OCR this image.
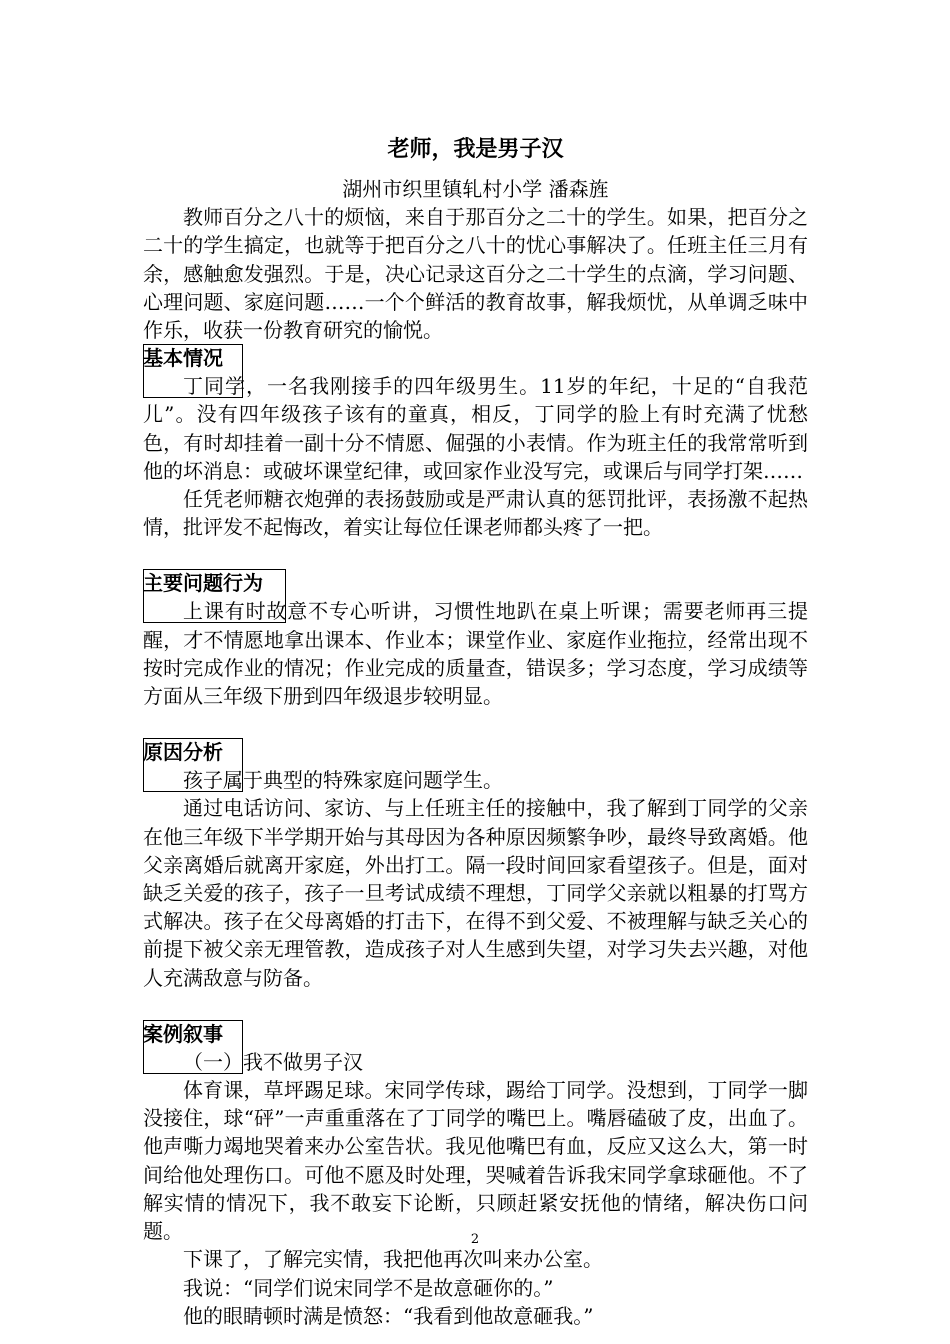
老师，我是男子汉
湖州市织里镇轧村小学 潘森旌

教师百分之八十的烦恼，来自于那百分之二十的学生。如果，把百分之二十的学生搞定，也就等于把百分之八十的忧心事解决了。任班主任三月有余，感触愈发强烈。于是，决心记录这百分之二十学生的点滴，学习问题、心理问题、家庭问题……一个个鲜活的教育故事，解我烦忧，从单调乏味中作乐，收获一份教育研究的愉悦。

基本情况

丁同学，一名我刚接手的四年级男生。11岁的年纪，十足的“自我范儿”。没有四年级孩子该有的童真，相反，丁同学的脸上有时充满了忧愁色，有时却挂着一副十分不情愿、倔强的小表情。作为班主任的我常常听到他的坏消息：或破坏课堂纪律，或回家作业没写完，或课后与同学打架……

任凭老师糖衣炮弹的表扬鼓励或是严肃认真的惩罚批评，表扬激不起热情，批评发不起悔改，着实让每位任课老师都头疼了一把。

主要问题行为

上课有时故意不专心听讲，习惯性地趴在桌上听课；需要老师再三提醒，才不情愿地拿出课本、作业本；课堂作业、家庭作业拖拉，经常出现不按时完成作业的情况；作业完成的质量查，错误多；学习态度，学习成绩等方面从三年级下册到四年级退步较明显。

原因分析

孩子属于典型的特殊家庭问题学生。

通过电话访问、家访、与上任班主任的接触中，我了解到丁同学的父亲在他三年级下半学期开始与其母因为各种原因频繁争吵，最终导致离婚。他父亲离婚后就离开家庭，外出打工。隔一段时间回家看望孩子。但是，面对缺乏关爱的孩子，孩子一旦考试成绩不理想，丁同学父亲就以粗暴的打骂方式解决。孩子在父母离婚的打击下，在得不到父爱、不被理解与缺乏关心的前提下被父亲无理管教，造成孩子对人生感到失望，对学习失去兴趣，对他人充满敌意与防备。

案例叙事

（一）我不做男子汉

体育课，草坪踢足球。宋同学传球，踢给丁同学。没想到，丁同学一脚没接住，球“砰”一声重重落在了丁同学的嘴巴上。嘴唇磕破了皮，出血了。他声嘶力竭地哭着来办公室告状。我见他嘴巴有血，反应又这么大，第一时间给他处理伤口。可他不愿及时处理，哭喊着告诉我宋同学拿球砸他。不了解实情的情况下，我不敢妄下论断，只顾赶紧安抚他的情绪，解决伤口问题。

下课了，了解完实情，我把他再次叫来办公室。

我说：“同学们说宋同学不是故意砸你的。”

他的眼睛顿时满是愤怒：“我看到他故意砸我。”

2
